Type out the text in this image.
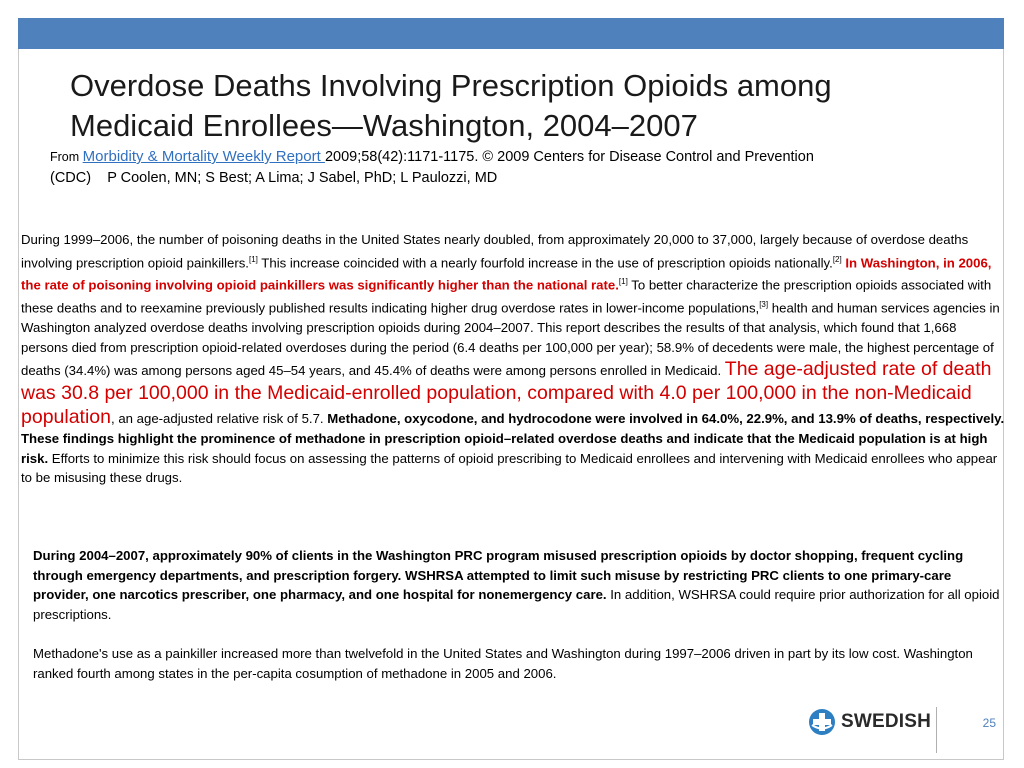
Overdose Deaths Involving Prescription Opioids among
Medicaid Enrollees—Washington, 2004–2007
From Morbidity & Mortality Weekly Report 2009;58(42):1171-1175. © 2009 Centers for Disease Control and Prevention
(CDC) P Coolen, MN; S Best; A Lima; J Sabel, PhD; L Paulozzi, MD
During 1999–2006, the number of poisoning deaths in the United States nearly doubled, from approximately 20,000 to 37,000, largely because of overdose deaths involving prescription opioid painkillers.[1] This increase coincided with a nearly fourfold increase in the use of prescription opioids nationally.[2] In Washington, in 2006, the rate of poisoning involving opioid painkillers was significantly higher than the national rate.[1] To better characterize the prescription opioids associated with these deaths and to reexamine previously published results indicating higher drug overdose rates in lower-income populations,[3] health and human services agencies in Washington analyzed overdose deaths involving prescription opioids during 2004–2007. This report describes the results of that analysis, which found that 1,668 persons died from prescription opioid-related overdoses during the period (6.4 deaths per 100,000 per year); 58.9% of decedents were male, the highest percentage of deaths (34.4%) was among persons aged 45–54 years, and 45.4% of deaths were among persons enrolled in Medicaid. The age-adjusted rate of death was 30.8 per 100,000 in the Medicaid-enrolled population, compared with 4.0 per 100,000 in the non-Medicaid population, an age-adjusted relative risk of 5.7. Methadone, oxycodone, and hydrocodone were involved in 64.0%, 22.9%, and 13.9% of deaths, respectively. These findings highlight the prominence of methadone in prescription opioid–related overdose deaths and indicate that the Medicaid population is at high risk. Efforts to minimize this risk should focus on assessing the patterns of opioid prescribing to Medicaid enrollees and intervening with Medicaid enrollees who appear to be misusing these drugs.
During 2004–2007, approximately 90% of clients in the Washington PRC program misused prescription opioids by doctor shopping, frequent cycling through emergency departments, and prescription forgery. WSHRSA attempted to limit such misuse by restricting PRC clients to one primary-care provider, one narcotics prescriber, one pharmacy, and one hospital for nonemergency care. In addition, WSHRSA could require prior authorization for all opioid prescriptions.
Methadone's use as a painkiller increased more than twelvefold in the United States and Washington during 1997–2006 driven in part by its low cost. Washington ranked fourth among states in the per-capita cosumption of methadone in 2005 and 2006.
SWEDISH	25
